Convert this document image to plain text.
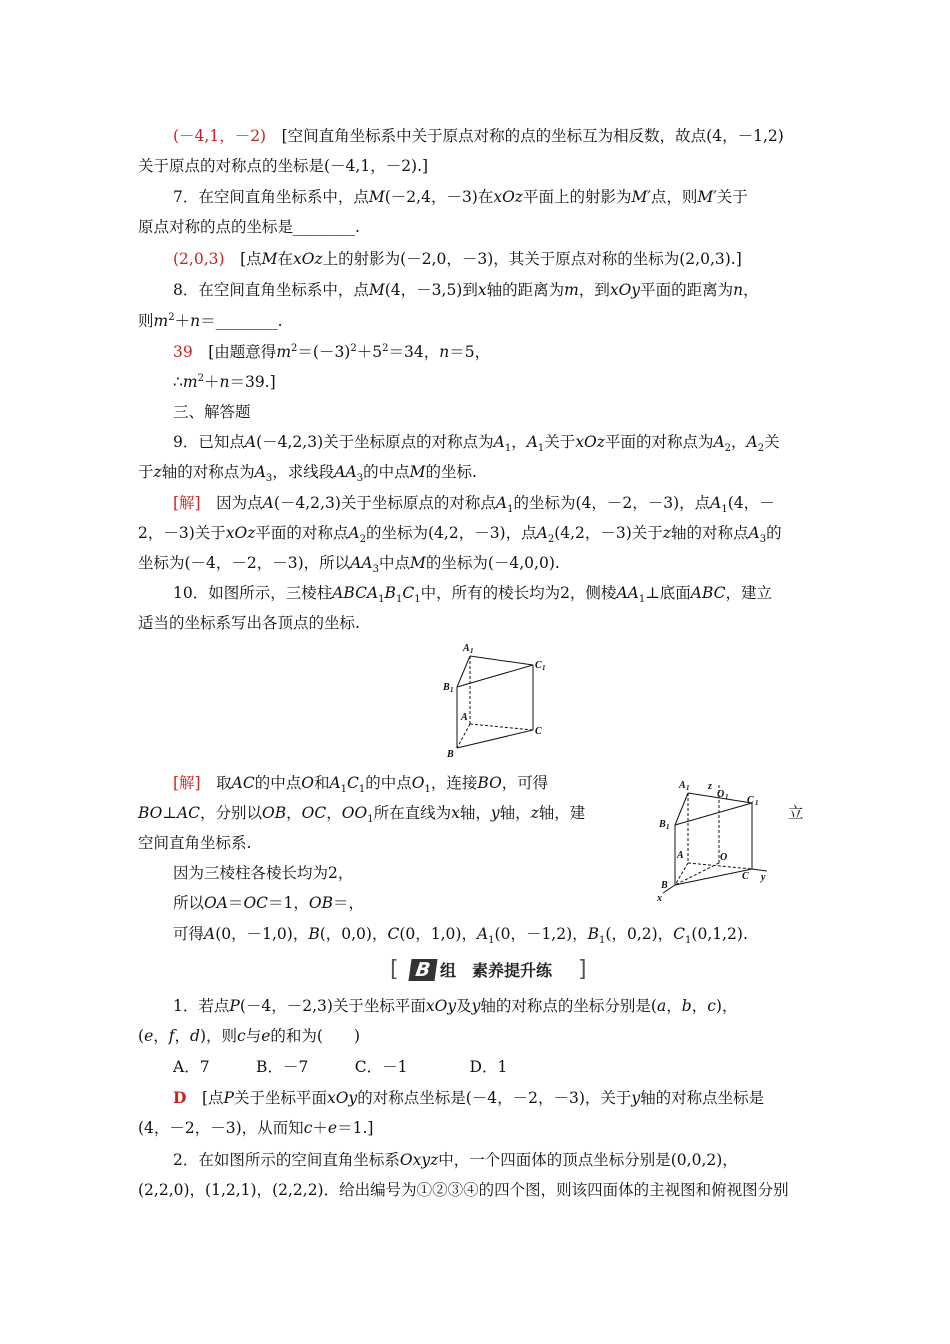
(－4,1，－2)　 [空间直角坐标系中关于原点对称的点的坐标互为相反数，故点(4，－1,2)
关于原点的对称点的坐标是(－4,1，－2).]
7．在空间直角坐标系中，点M(－2,4，－3)在xOz平面上的射影为M′点，则M′关于
原点对称的点的坐标是________.
(2,0,3)　 [点M在xOz上的射影为(－2,0，－3)，其关于原点对称的坐标为(2,0,3).]
8．在空间直角坐标系中，点M(4，－3,5)到x轴的距离为m，到xOy平面的距离为n，
则$m^2+n=\_\_\_\_\_\_\_\_$.
39　 [由题意得$m^2=(-3)^2+5^2=34$，n＝5，
$\therefore m^2+n=39$.]
三、解答题
9．已知点A(－4,2,3)关于坐标原点的对称点为$A_1$，$A_1$关于xOz平面的对称点为$A_2$，$A_2$关
于z轴的对称点为$A_3$，求线段$AA_3$的中点M的坐标.
[解]　 因为点A(－4,2,3)关于坐标原点的对称点$A_1$的坐标为(4，－2，－3)，点$A_1(4$，－
2，－3)关于xOz平面的对称点$A_2$的坐标为(4,2，－3)，点$A_2(4,2$，－3)关于z轴的对称点$A_3$的
坐标为(－4，－2，－3)，所以$AA_3$中点M的坐标为(－4,0,0).
10．如图所示，三棱柱$ABCA_1B_1C_1$中，所有的棱长均为2，侧棱$AA_1\perp$底面ABC，建立
适当的坐标系写出各顶点的坐标.
A 1
C 1
B 1
A
C
B
[解]　 取AC的中点O和$A_1C_1$的中点$O_1$，连接BO，可得
BO⊥AC，分别以OB，OC，$OO_1$所在直线为x轴，y轴，z轴，建	立
空间直角坐标系.
因为三棱柱各棱长均为2，
所以OA＝OC＝1，OB＝，
可得A(0，－1,0)，B(，0,0)，C(0，1,0)，$A_1(0$，－1,2)，$B_1$(，0,2)，$C_1(0,1,2)$.
A 1 z
O 1 C 1
B 1
A	O
C y
B
x
[ B 组　素养提升练 ]
1．若点P(－4，－2,3)关于坐标平面xOy及y轴的对称点的坐标分别是(a，b，c)，
(e，f，d)，则c与e的和为(　　)
A．7　　　B．－7　　　C．－1　　　　D．1
D　 [点P关于坐标平面xOy的对称点坐标是(－4，－2，－3)，关于y轴的对称点坐标是
(4，－2，－3)，从而知c＋e＝1.]
2．在如图所示的空间直角坐标系Oxyz中，一个四面体的顶点坐标分别是(0,0,2)，
(2,2,0)，(1,2,1)，(2,2,2)．给出编号为①②③④的四个图，则该四面体的主视图和俯视图分别
